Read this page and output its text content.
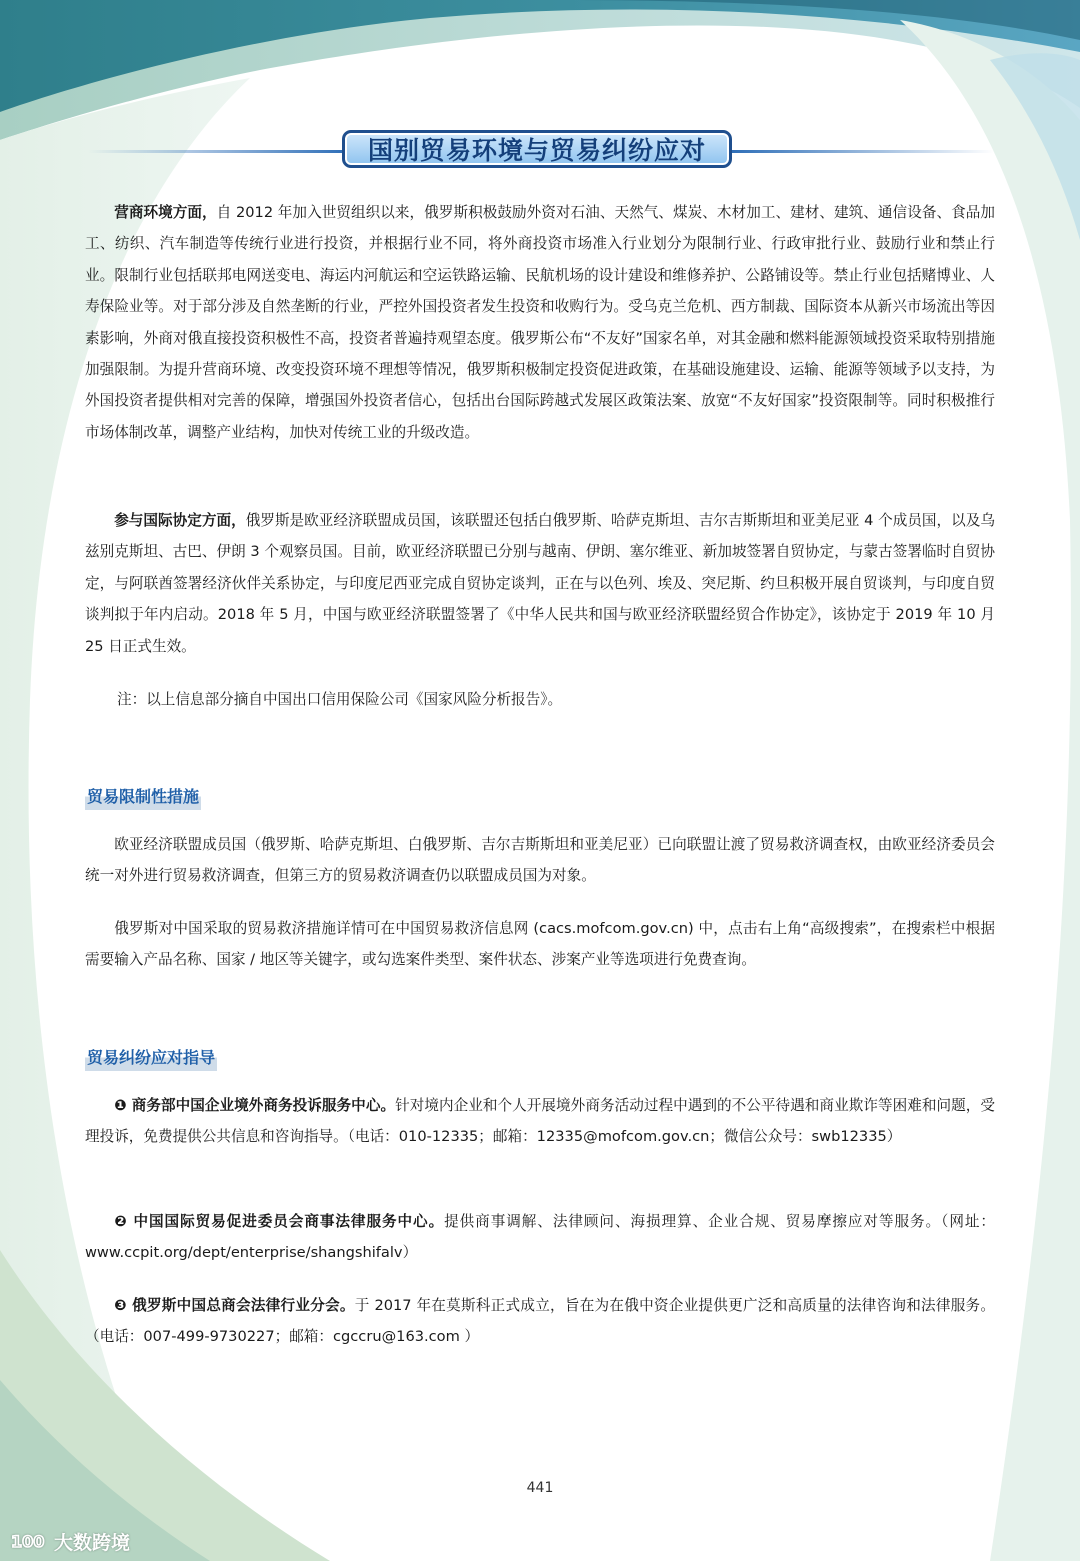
国别贸易环境与贸易纠纷应对

营商环境方面，自 2012 年加入世贸组织以来，俄罗斯积极鼓励外资对石油、天然气、煤炭、木材加工、建材、建筑、通信设备、食品加工、纺织、汽车制造等传统行业进行投资，并根据行业不同，将外商投资市场准入行业划分为限制行业、行政审批行业、鼓励行业和禁止行业。限制行业包括联邦电网送变电、海运内河航运和空运铁路运输、民航机场的设计建设和维修养护、公路铺设等。禁止行业包括赌博业、人寿保险业等。对于部分涉及自然垄断的行业，严控外国投资者发生投资和收购行为。受乌克兰危机、西方制裁、国际资本从新兴市场流出等因素影响，外商对俄直接投资积极性不高，投资者普遍持观望态度。俄罗斯公布“不友好”国家名单，对其金融和燃料能源领域投资采取特别措施加强限制。为提升营商环境、改变投资环境不理想等情况，俄罗斯积极制定投资促进政策，在基础设施建设、运输、能源等领域予以支持，为外国投资者提供相对完善的保障，增强国外投资者信心，包括出台国际跨越式发展区政策法案、放宽“不友好国家”投资限制等。同时积极推行市场体制改革，调整产业结构，加快对传统工业的升级改造。

参与国际协定方面，俄罗斯是欧亚经济联盟成员国，该联盟还包括白俄罗斯、哈萨克斯坦、吉尔吉斯斯坦和亚美尼亚 4 个成员国，以及乌兹别克斯坦、古巴、伊朗 3 个观察员国。目前，欧亚经济联盟已分别与越南、伊朗、塞尔维亚、新加坡签署自贸协定，与蒙古签署临时自贸协定，与阿联酋签署经济伙伴关系协定，与印度尼西亚完成自贸协定谈判，正在与以色列、埃及、突尼斯、约旦积极开展自贸谈判，与印度自贸谈判拟于年内启动。2018 年 5 月，中国与欧亚经济联盟签署了《中华人民共和国与欧亚经济联盟经贸合作协定》，该协定于 2019 年 10 月 25 日正式生效。

注：以上信息部分摘自中国出口信用保险公司《国家风险分析报告》。

贸易限制性措施

欧亚经济联盟成员国（俄罗斯、哈萨克斯坦、白俄罗斯、吉尔吉斯斯坦和亚美尼亚）已向联盟让渡了贸易救济调查权，由欧亚经济委员会统一对外进行贸易救济调查，但第三方的贸易救济调查仍以联盟成员国为对象。

俄罗斯对中国采取的贸易救济措施详情可在中国贸易救济信息网 (cacs.mofcom.gov.cn) 中，点击右上角“高级搜索”，在搜索栏中根据需要输入产品名称、国家 / 地区等关键字，或勾选案件类型、案件状态、涉案产业等选项进行免费查询。

贸易纠纷应对指导

❶ 商务部中国企业境外商务投诉服务中心。针对境内企业和个人开展境外商务活动过程中遇到的不公平待遇和商业欺诈等困难和问题，受理投诉，免费提供公共信息和咨询指导。（电话：010-12335；邮箱：12335@mofcom.gov.cn；微信公众号：swb12335）

❷ 中国国际贸易促进委员会商事法律服务中心。提供商事调解、法律顾问、海损理算、企业合规、贸易摩擦应对等服务。（网址：www.ccpit.org/dept/enterprise/shangshifalv）

❸ 俄罗斯中国总商会法律行业分会。于 2017 年在莫斯科正式成立，旨在为在俄中资企业提供更广泛和高质量的法律咨询和法律服务。（电话：007-499-9730227；邮箱：cgccru@163.com ）

441
100 大数跨境
